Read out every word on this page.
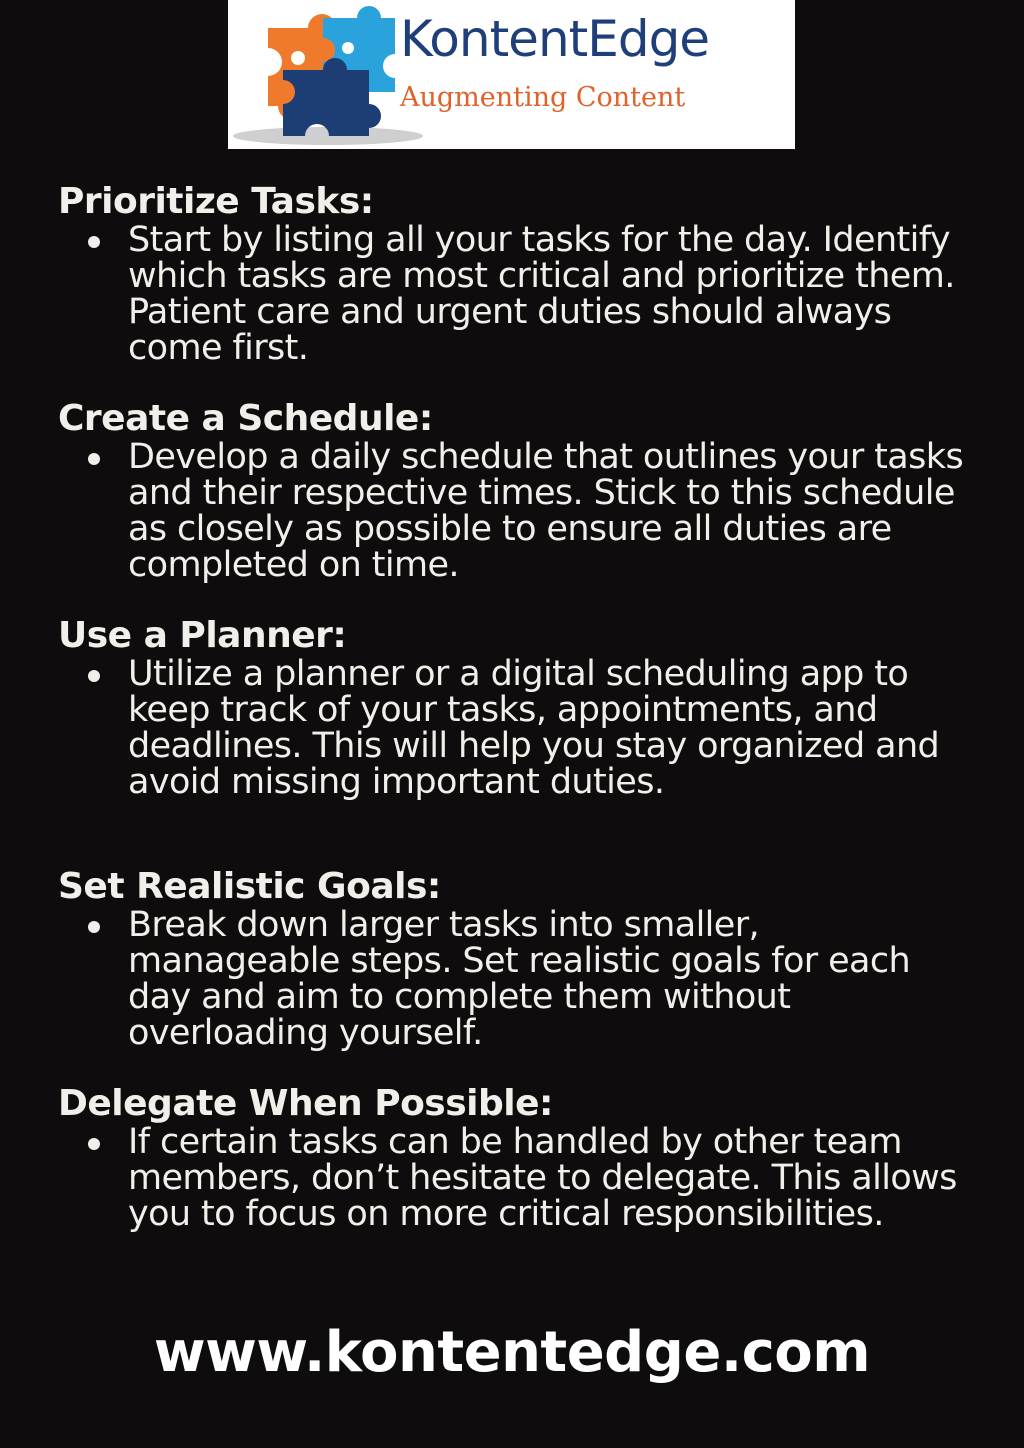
KontentEdge
Augmenting Content
Prioritize Tasks:
Start by listing all your tasks for the day. Identify which tasks are most critical and prioritize them. Patient care and urgent duties should always come first.
Create a Schedule:
Develop a daily schedule that outlines your tasks and their respective times. Stick to this schedule as closely as possible to ensure all duties are completed on time.
Use a Planner:
Utilize a planner or a digital scheduling app to keep track of your tasks, appointments, and deadlines. This will help you stay organized and avoid missing important duties.
Set Realistic Goals:
Break down larger tasks into smaller, manageable steps. Set realistic goals for each day and aim to complete them without overloading yourself.
Delegate When Possible:
If certain tasks can be handled by other team members, don’t hesitate to delegate. This allows you to focus on more critical responsibilities.
www.kontentedge.com
